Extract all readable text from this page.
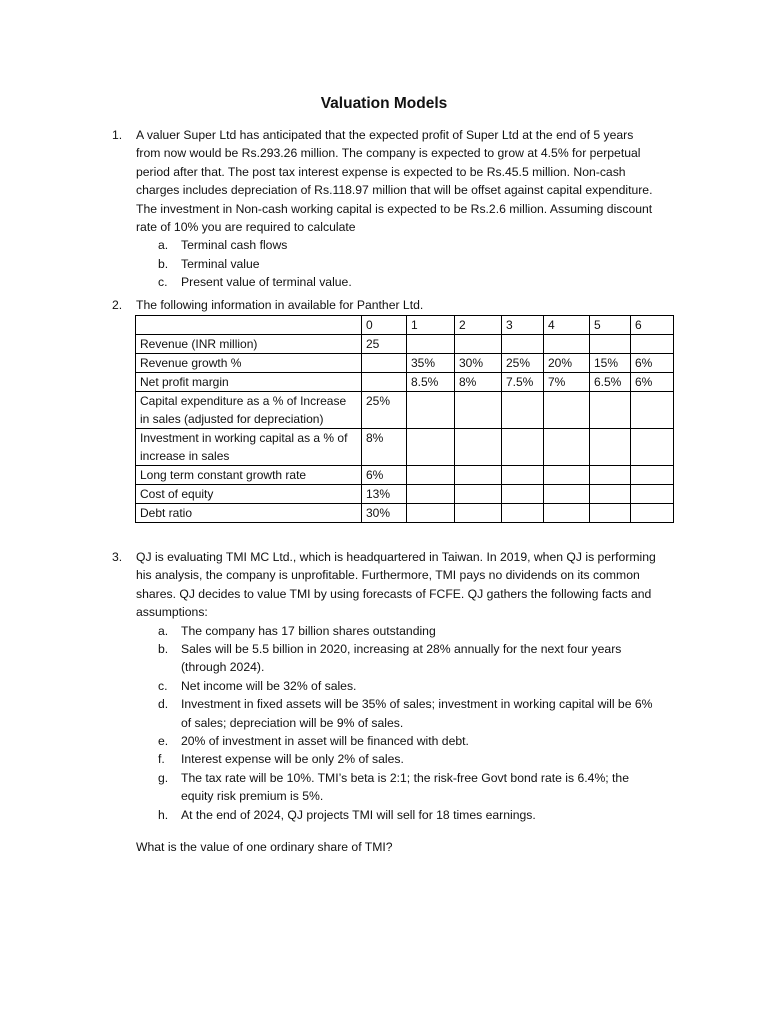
Valuation Models
1. A valuer Super Ltd has anticipated that the expected profit of Super Ltd at the end of 5 years
from now would be Rs.293.26 million. The company is expected to grow at 4.5% for perpetual
period after that. The post tax interest expense is expected to be Rs.45.5 million. Non-cash
charges includes depreciation of Rs.118.97 million that will be offset against capital expenditure.
The investment in Non-cash working capital is expected to be Rs.2.6 million. Assuming discount
rate of 10% you are required to calculate
a. Terminal cash flows
b. Terminal value
c. Present value of terminal value.
2. The following information in available for Panther Ltd.
	0	1	2	3	4	5	6
Revenue (INR million)	25						
Revenue growth %		35%	30%	25%	20%	15%	6%
Net profit margin		8.5%	8%	7.5%	7%	6.5%	6%
Capital expenditure as a % of Increase in sales (adjusted for depreciation)	25%						
Investment in working capital as a % of increase in sales	8%						
Long term constant growth rate	6%						
Cost of equity	13%						
Debt ratio	30%						
3. QJ is evaluating TMI MC Ltd., which is headquartered in Taiwan. In 2019, when QJ is performing
his analysis, the company is unprofitable. Furthermore, TMI pays no dividends on its common
shares. QJ decides to value TMI by using forecasts of FCFE. QJ gathers the following facts and
assumptions:
a. The company has 17 billion shares outstanding
b. Sales will be 5.5 billion in 2020, increasing at 28% annually for the next four years
(through 2024).
c. Net income will be 32% of sales.
d. Investment in fixed assets will be 35% of sales; investment in working capital will be 6%
of sales; depreciation will be 9% of sales.
e. 20% of investment in asset will be financed with debt.
f. Interest expense will be only 2% of sales.
g. The tax rate will be 10%. TMI’s beta is 2:1; the risk-free Govt bond rate is 6.4%; the
equity risk premium is 5%.
h. At the end of 2024, QJ projects TMI will sell for 18 times earnings.
What is the value of one ordinary share of TMI?
